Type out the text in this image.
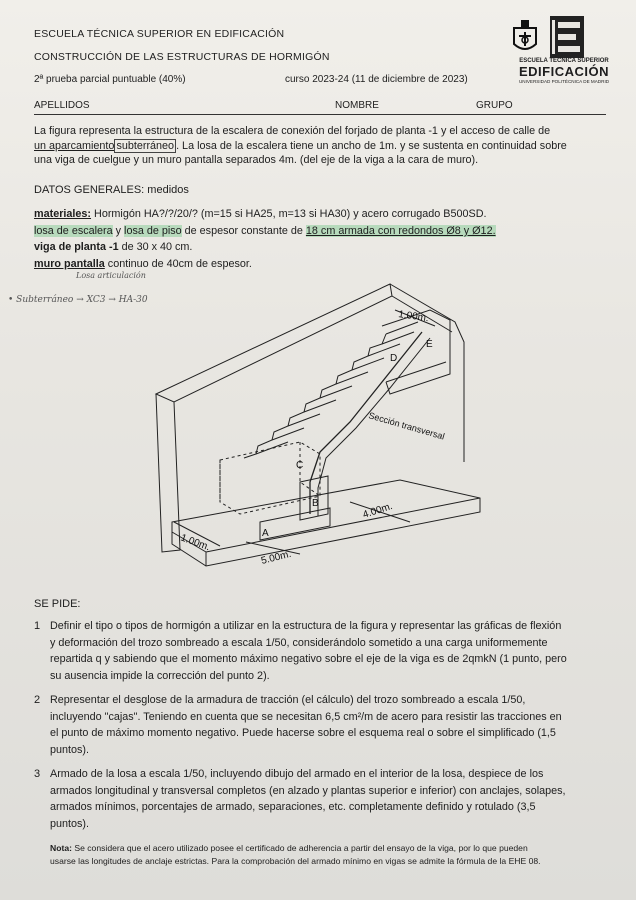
ESCUELA TÉCNICA SUPERIOR EN EDIFICACIÓN
CONSTRUCCIÓN DE LAS ESTRUCTURAS DE HORMIGÓN
2ª prueba parcial puntuable (40%)	curso 2023-24 (11 de diciembre de 2023)
ESCUELA TÉCNICA SUPERIOR
EDIFICACIÓN
UNIVERSIDAD POLITÉCNICA DE MADRID
APELLIDOS	NOMBRE	GRUPO
La figura representa la estructura de la escalera de conexión del forjado de planta -1 y el acceso de calle de
un aparcamiento subterráneo . La losa de la escalera tiene un ancho de 1m. y se sustenta en continuidad sobre
una viga de cuelgue y un muro pantalla separados 4m. (del eje de la viga a la cara de muro).
DATOS GENERALES: medidos
materiales: Hormigón HA?/?/20/? (m=15 si HA25, m=13 si HA30) y acero corrugado B500SD.
losa de escalera y losa de piso de espesor constante de 18 cm armada con redondos Ø8 y Ø12.
viga de planta -1 de 30 x 40 cm.
muro pantalla continuo de 40cm de espesor.
Losa articulación
• Subterráneo → XC3 → HA-30
1.00m.
D
E
C
B
A
Sección transversal
4.00m.
1.00m.
5.00m.
SE PIDE:
1 Definir el tipo o tipos de hormigón a utilizar en la estructura de la figura y representar las gráficas de flexión
y deformación del trozo sombreado a escala 1/50, considerándolo sometido a una carga uniformemente
repartida q y sabiendo que el momento máximo negativo sobre el eje de la viga es de 2qmkN (1 punto, pero
su ausencia impide la corrección del punto 2).
2 Representar el desglose de la armadura de tracción (el cálculo) del trozo sombreado a escala 1/50,
incluyendo "cajas". Teniendo en cuenta que se necesitan 6,5 cm²/m de acero para resistir las tracciones en
el punto de máximo momento negativo. Puede hacerse sobre el esquema real o sobre el simplificado (1,5
puntos).
3 Armado de la losa a escala 1/50, incluyendo dibujo del armado en el interior de la losa, despiece de los
armados longitudinal y transversal completos (en alzado y plantas superior e inferior) con anclajes, solapes,
armados mínimos, porcentajes de armado, separaciones, etc. completamente definido y rotulado (3,5
puntos).
Nota: Se considera que el acero utilizado posee el certificado de adherencia a partir del ensayo de la viga, por lo que pueden
usarse las longitudes de anclaje estrictas. Para la comprobación del armado mínimo en vigas se admite la fórmula de la EHE 08.
